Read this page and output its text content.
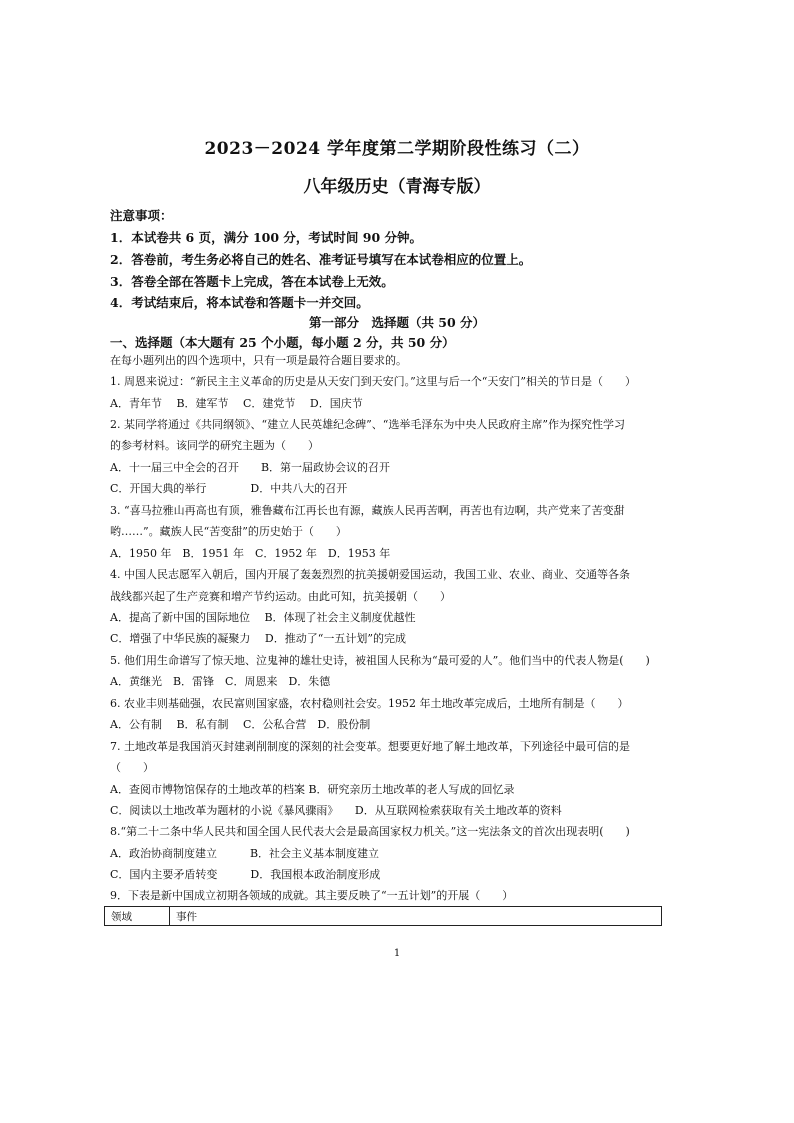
2023－2024 学年度第二学期阶段性练习（二）
八年级历史（青海专版）
注意事项：
1．本试卷共 6 页，满分 100 分，考试时间 90 分钟。
2．答卷前，考生务必将自己的姓名、准考证号填写在本试卷相应的位置上。
3．答卷全部在答题卡上完成，答在本试卷上无效。
4．考试结束后，将本试卷和答题卡一并交回。
第一部分　选择题（共 50 分）
一、选择题（本大题有 25 个小题，每小题 2 分，共 50 分）
在每小题列出的四个选项中，只有一项是最符合题目要求的。
1. 周恩来说过：“新民主主义革命的历史是从天安门到天安门。”这里与后一个“天安门”相关的节日是（　　）
A．青年节　 B．建军节　 C．建党节　 D．国庆节
2. 某同学将通过《共同纲领》、“建立人民英雄纪念碑”、“选举毛泽东为中央人民政府主席”作为探究性学习
的参考材料。该同学的研究主题为（　　）
A．十一届三中全会的召开　　B．第一届政协会议的召开
C．开国大典的举行　　　　D．中共八大的召开
3. “喜马拉雅山再高也有顶，雅鲁藏布江再长也有源，藏族人民再苦啊，再苦也有边啊，共产党来了苦变甜
哟……”。藏族人民“苦变甜”的历史始于（　　）
A．1950 年　B．1951 年　C．1952 年　D．1953 年
4. 中国人民志愿军入朝后，国内开展了轰轰烈烈的抗美援朝爱国运动，我国工业、农业、商业、交通等各条
战线都兴起了生产竞赛和增产节约运动。由此可知，抗美援朝（　　）
A．提高了新中国的国际地位　 B．体现了社会主义制度优越性
C．增强了中华民族的凝聚力　 D．推动了“一五计划”的完成
5. 他们用生命谱写了惊天地、泣鬼神的雄壮史诗，被祖国人民称为“最可爱的人”。他们当中的代表人物是(　　)
A．黄继光　B．雷锋　C．周恩来　D．朱德
6. 农业丰则基础强，农民富则国家盛，农村稳则社会安。1952 年土地改革完成后，土地所有制是（　　）
A．公有制　 B．私有制　 C．公私合营　D．股份制
7. 土地改革是我国消灭封建剥削制度的深刻的社会变革。想要更好地了解土地改革，下列途径中最可信的是
（　　）
A．查阅市博物馆保存的土地改革的档案 B．研究亲历土地改革的老人写成的回忆录
C．阅读以土地改革为题材的小说《暴风骤雨》　　D．从互联网检索获取有关土地改革的资料
8.“第二十二条中华人民共和国全国人民代表大会是最高国家权力机关。”这一宪法条文的首次出现表明(　　)
A．政治协商制度建立　　　B．社会主义基本制度建立
C．国内主要矛盾转变　　　D．我国根本政治制度形成
9．下表是新中国成立初期各领域的成就。其主要反映了“一五计划”的开展（　　）
领域	事件
1
